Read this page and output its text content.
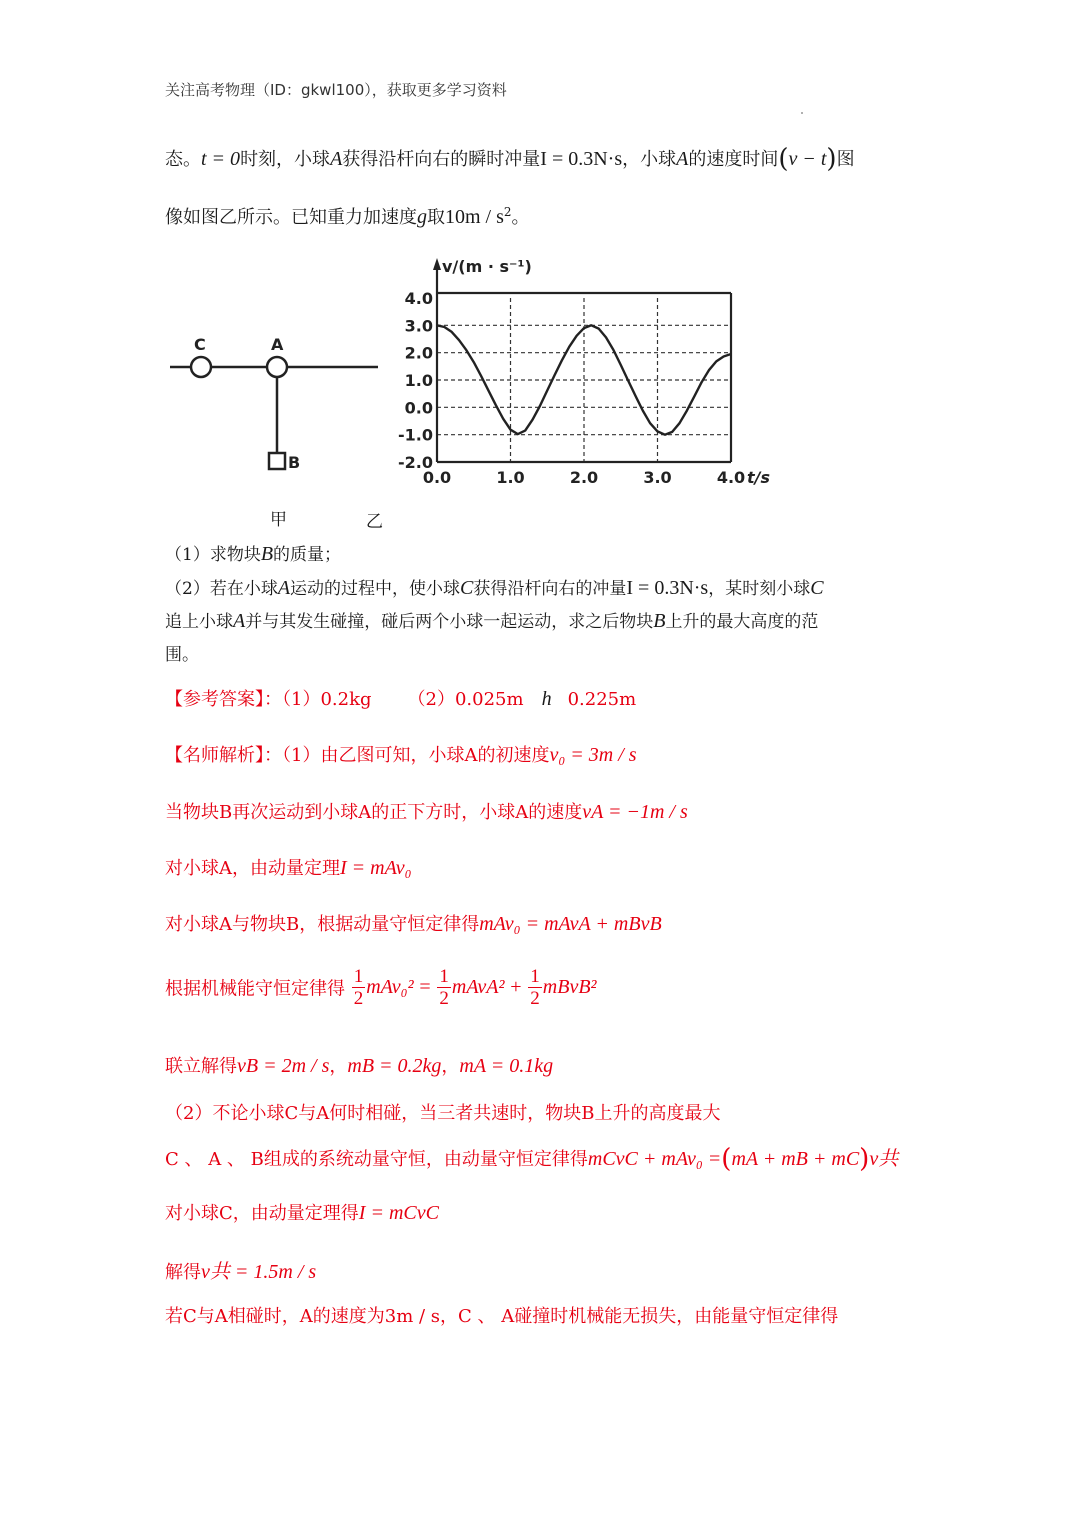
关注高考物理（ID：gkwl100），获取更多学习资料
态。t = 0时刻，小球A获得沿杆向右的瞬时冲量I = 0.3N·s，小球A的速度时间(v − t)图
像如图乙所示。已知重力加速度g取$10m / s^2$。
C	A
B
4.0
3.0
2.0
1.0
0.0
-1.0
-2.0
0.0	1.0	2.0	3.0	4.0
v/(m · s⁻¹)
t/s
甲	乙
（1）求物块B的质量；
（2）若在小球A运动的过程中，使小球C获得沿杆向右的冲量I = 0.3N·s，某时刻小球C
追上小球A并与其发生碰撞，碰后两个小球一起运动，求之后物块B上升的最大高度的范
围。
【参考答案】：（1）0.2kg （2）0.025m h 0.225m
【名师解析】：（1）由乙图可知，小球A的初速度v₀ = 3m / s
当物块B再次运动到小球A的正下方时，小球A的速度vA = −1m / s
对小球A，由动量定理I = mAv₀
对小球A与物块B，根据动量守恒定律得mAv₀ = mAvA + mBvB
根据机械能守恒定律得 $\frac{1}{2} mAv_0^2 = \frac{1}{2}$ mAvA² + $\frac{1}{2}$ mBvB²
联立解得vB = 2m / s，mB = 0.2kg，mA = 0.1kg
（2）不论小球C与A何时相碰，当三者共速时，物块B上升的高度最大
C 、 A 、 B组成的系统动量守恒，由动量守恒定律得mCvC + mAv₀ =(mA + mB + mC)v共
对小球C，由动量定理得I = mCvC
解得v共 = 1.5m / s
若C与A相碰时，A的速度为3m / s，C 、 A碰撞时机械能无损失，由能量守恒定律得
